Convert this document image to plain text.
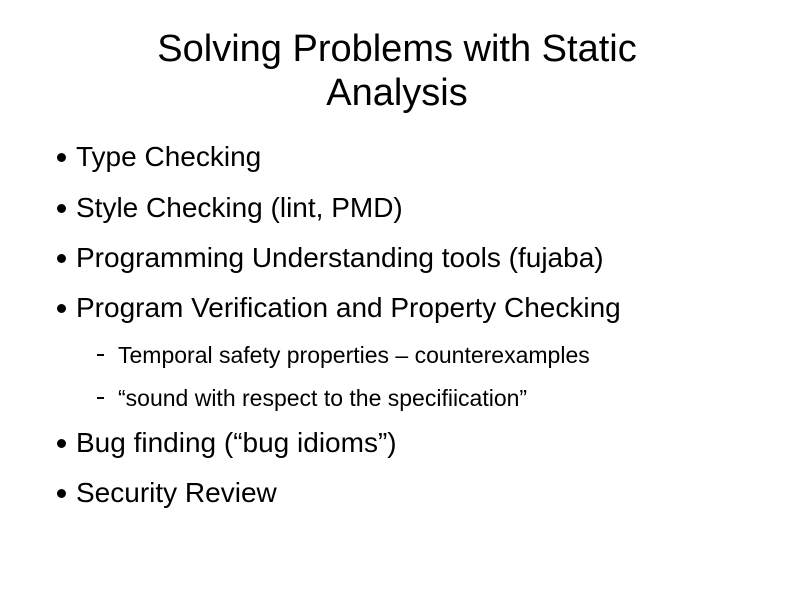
Solving Problems with Static
Analysis
Type Checking
Style Checking (lint, PMD)
Programming Understanding tools (fujaba)
Program Verification and Property Checking
Temporal safety properties – counterexamples
“sound with respect to the specifiication”
Bug finding (“bug idioms”)
Security Review
